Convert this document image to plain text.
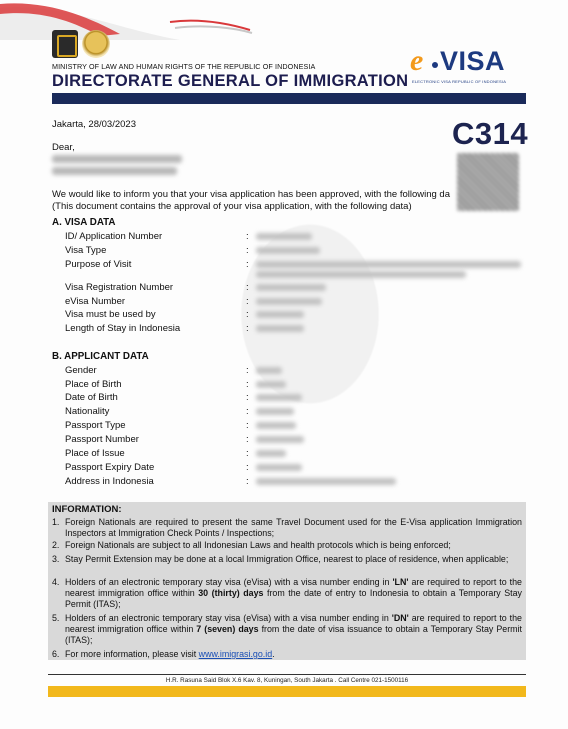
MINISTRY OF LAW AND HUMAN RIGHTS OF THE REPUBLIC OF INDONESIA
DIRECTORATE GENERAL OF IMMIGRATION
e VISA
ELECTRONIC VISA REPUBLIC OF INDONESIA
Jakarta, 28/03/2023	C314
Dear,
We would like to inform you that your visa application has been approved, with the following da
(This document contains the approval of your visa application, with the following data)
A. VISA DATA
ID/ Application Number	:
Visa Type	:
Purpose of Visit	:
Visa Registration Number	:
eVisa Number	:
Visa must be used by	:
Length of Stay in Indonesia	:
B. APPLICANT DATA
Gender	:
Place of Birth	:
Date of Birth	:
Nationality	:
Passport Type	:
Passport Number	:
Place of Issue	:
Passport Expiry Date	:
Address in Indonesia	:
INFORMATION:
1. Foreign Nationals are required to present the same Travel Document used for the E-Visa application Immigration Inspectors at Immigration Check Points / Inspections;
2. Foreign Nationals are subject to all Indonesian Laws and health protocols which is being enforced;
3. Stay Permit Extension may be done at a local Immigration Office, nearest to place of residence, when applicable;
4. Holders of an electronic temporary stay visa (eVisa) with a visa number ending in 'LN' are required to report to the nearest immigration office within 30 (thirty) days from the date of entry to Indonesia to obtain a Temporary Stay Permit (ITAS);
5. Holders of an electronic temporary stay visa (eVisa) with a visa number ending in 'DN' are required to report to the nearest immigration office within 7 (seven) days from the date of visa issuance to obtain a Temporary Stay Permit (ITAS);
6. For more information, please visit www.imigrasi.go.id.
H.R. Rasuna Said Blok X.6 Kav. 8, Kuningan, South Jakarta . Call Centre 021-1500116
